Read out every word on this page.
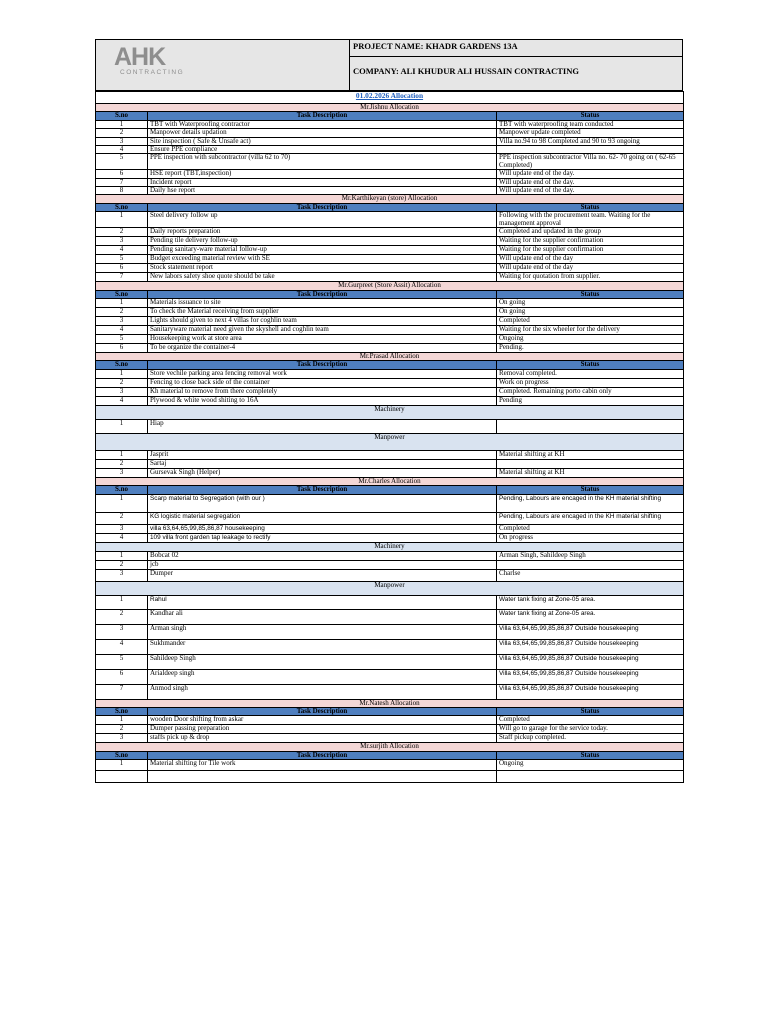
AHK
CONTRACTING
PROJECT NAME: KHADR GARDENS 13A
COMPANY: ALI KHUDUR ALI HUSSAIN CONTRACTING
01.02.2026 Allocation		
Mr.Jishnu Allocation		
S.no	Task Description	Status
1	TBT with Waterproofing contractor	TBT with waterproofing team conducted
2	Manpower details updation	Manpower update completed
3	Site inspection ( Safe & Unsafe act)	Villa no.94 to 98 Completed and 90 to 93 ongoing
4	Ensure PPE compliance	
5	PPE inspection with subcontractor (villa 62 to 70)	PPE inspection subcontractor Villa no. 62- 70 going on ( 62-65 Completed)
6	HSE report (TBT,inspection)	Will update end of the day.
7	Incident report	Will update end of the day.
8	Daily hse report	Will update end of the day.
Mr.Karthikeyan (store) Allocation		
S.no	Task Description	Status
1	Steel delivery follow up	Following with the procurement team. Waiting for the management approval
2	Daily reports preparation	Completed and updated in the group
3	Pending tile delivery follow-up	Waiting for the supplier confirmation
4	Pending sanitary-ware material follow-up	Waiting for the supplier confirmation
5	Budget exceeding material review with SE	Will update end of the day
6	Stock statement report	Will update end of the day
7	New labors safety shoe quote should be take	Waiting for quotation from supplier.
Mr.Gurpreet (Store Assit) Allocation		
S.no	Task Description	Status
1	Materials issuance to site	On going
2	To check the Material receiving from supplier	On going
3	Lights should given to next 4 villas for coghlin team	Completed
4	Sanitaryware material need given the skyshell and coghlin team	Waiting for the six wheeler for the delivery
5	Housekeeping work at store area	Ongoing
6	To be organize the container-4	Pending.
Mr.Prasad Allocation		
S.no	Task Description	Status
1	Store vechile parking area fencing removal work	Removal completed.
2	Fencing to close back side of the container	Work on progress
3	Kh material to remove from there completely	Completed. Remaining porto cabin only
4	Plywood & white wood shiting to 16A	Pending
Machinery		
1	Hiap	
Manpower		
1	Jasprit	Material shifting at KH
2	Sartaj	
3	Gursevak Singh (Helper)	Material shifting at KH
Mr.Charles Allocation		
S.no	Task Description	Status
1	Scarp material to Segregation (with our )	Pending, Labours are encaged in the KH material shifting
2	KG logistic material segregation	Pending, Labours are encaged in the KH material shifting
3	villa 63,64,65,99,85,86,87 housekeeping	Completed
4	109 villa front garden tap leakage to rectify	On progress
Machinery		
1	Bobcat 02	Arman Singh, Sahildeep Singh
2	jcb	
3	Dumper	Charlse
Manpower		
1	Rahul	Water tank fixing at Zone-05 area.
2	Kandhar ali	Water tank fixing at Zone-05 area.
3	Arman singh	Villa 63,64,65,99,85,86,87 Outside housekeeping
4	Sukhmander	Villa 63,64,65,99,85,86,87 Outside housekeeping
5	Sahildeep Singh	Villa 63,64,65,99,85,86,87 Outside housekeeping
6	Arialdeep singh	Villa 63,64,65,99,85,86,87 Outside housekeeping
7	Anmod singh	Villa 63,64,65,99,85,86,87 Outside housekeeping
Mr.Natesh Allocation		
S.no	Task Description	Status
1	wooden Door shifting from askar	Completed
2	Dumper passing preparation	Will go to garage for the service today.
3	staffs pick up & drop	Staff pickup completed.
Mr.surjith Allocation		
S.no	Task Description	Status
1	Material shifting for Tile work	Ongoing
